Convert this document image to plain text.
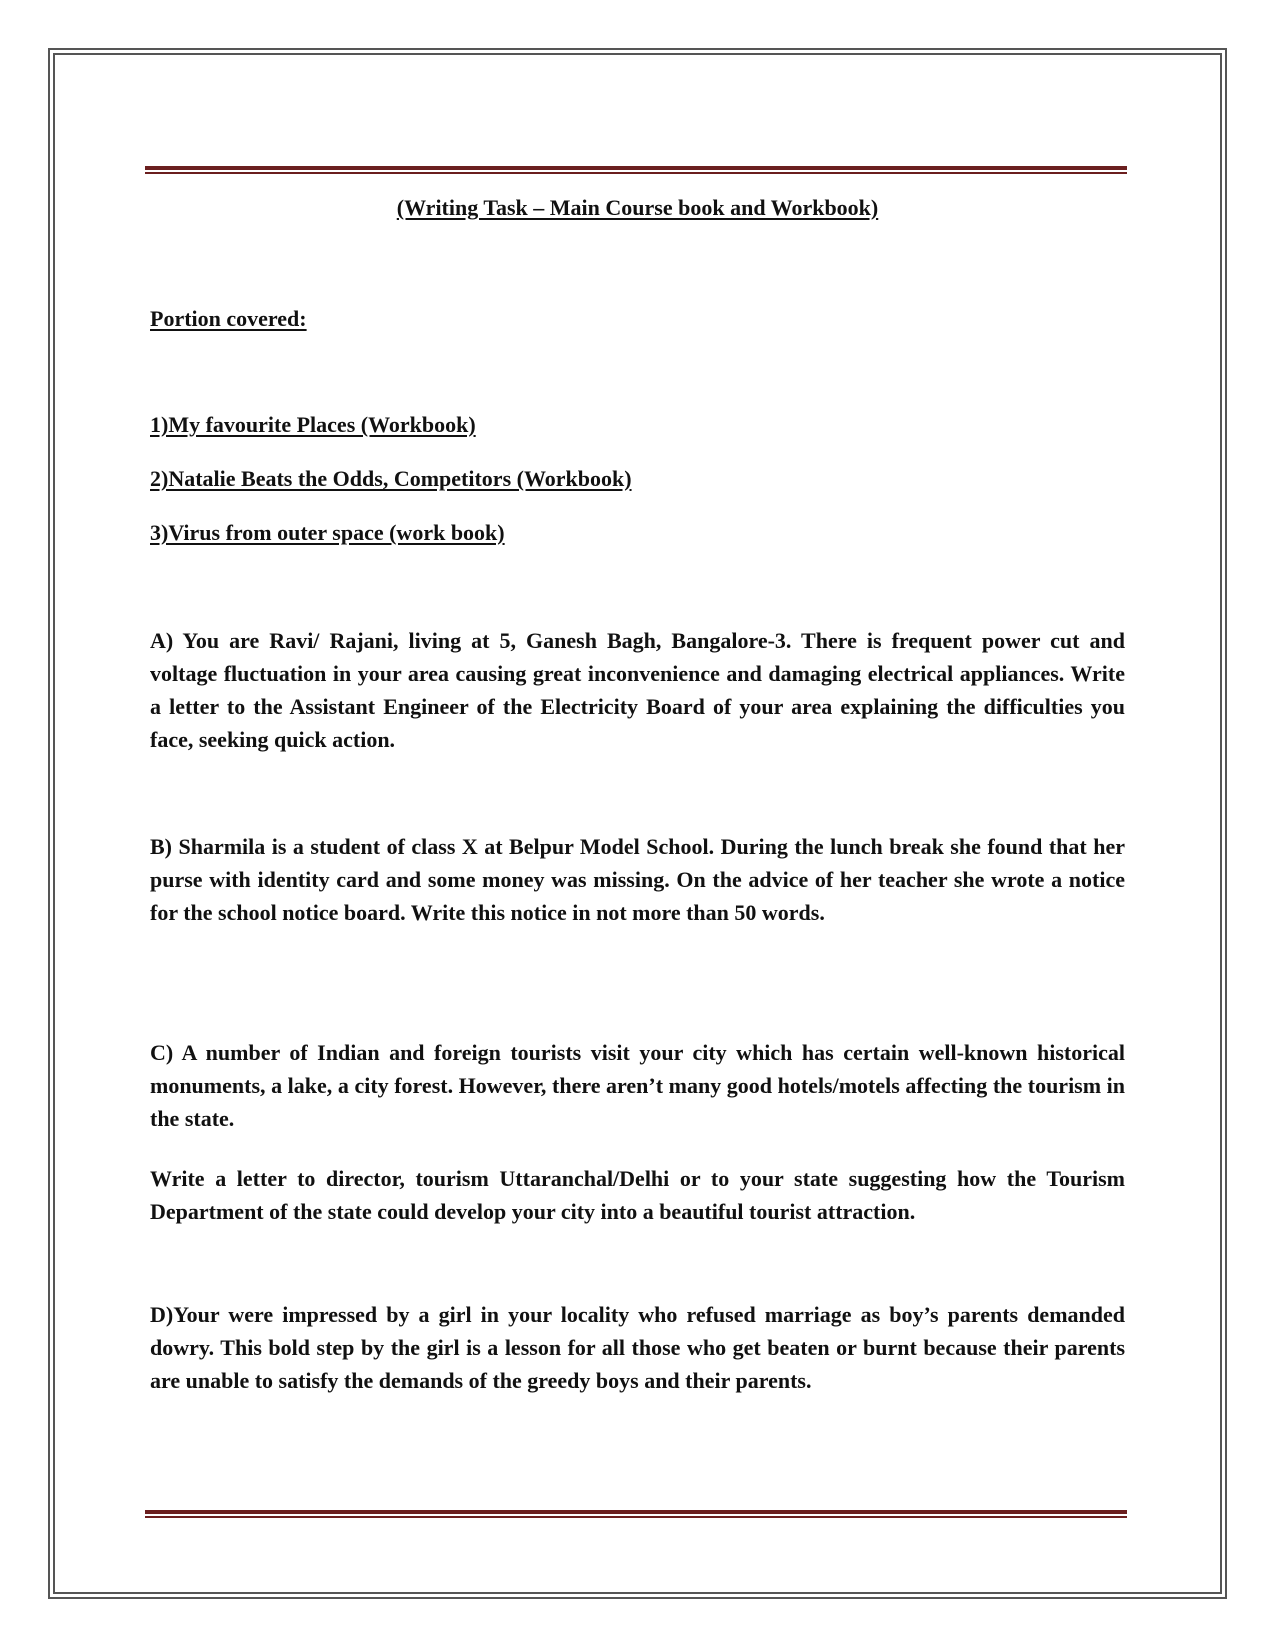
(Writing Task – Main Course book and Workbook)
Portion covered:
1)My favourite Places (Workbook)
2)Natalie Beats the Odds, Competitors (Workbook)
3)Virus from outer space (work book)
A) You are Ravi/ Rajani, living at 5, Ganesh Bagh, Bangalore-3. There is frequent power cut and voltage fluctuation in your area causing great inconvenience and damaging electrical appliances. Write a letter to the Assistant Engineer of the Electricity Board of your area explaining the difficulties you face, seeking quick action.
B) Sharmila is a student of class X at Belpur Model School. During the lunch break she found that her purse with identity card and some money was missing. On the advice of her teacher she wrote a notice for the school notice board. Write this notice in not more than 50 words.
C) A number of Indian and foreign tourists visit your city which has certain well-known historical monuments, a lake, a city forest. However, there aren’t many good hotels/motels affecting the tourism in the state.
Write a letter to director, tourism Uttaranchal/Delhi or to your state suggesting how the Tourism Department of the state could develop your city into a beautiful tourist attraction.
D)Your were impressed by a girl in your locality who refused marriage as boy’s parents demanded dowry. This bold step by the girl is a lesson for all those who get beaten or burnt because their parents are unable to satisfy the demands of the greedy boys and their parents.
